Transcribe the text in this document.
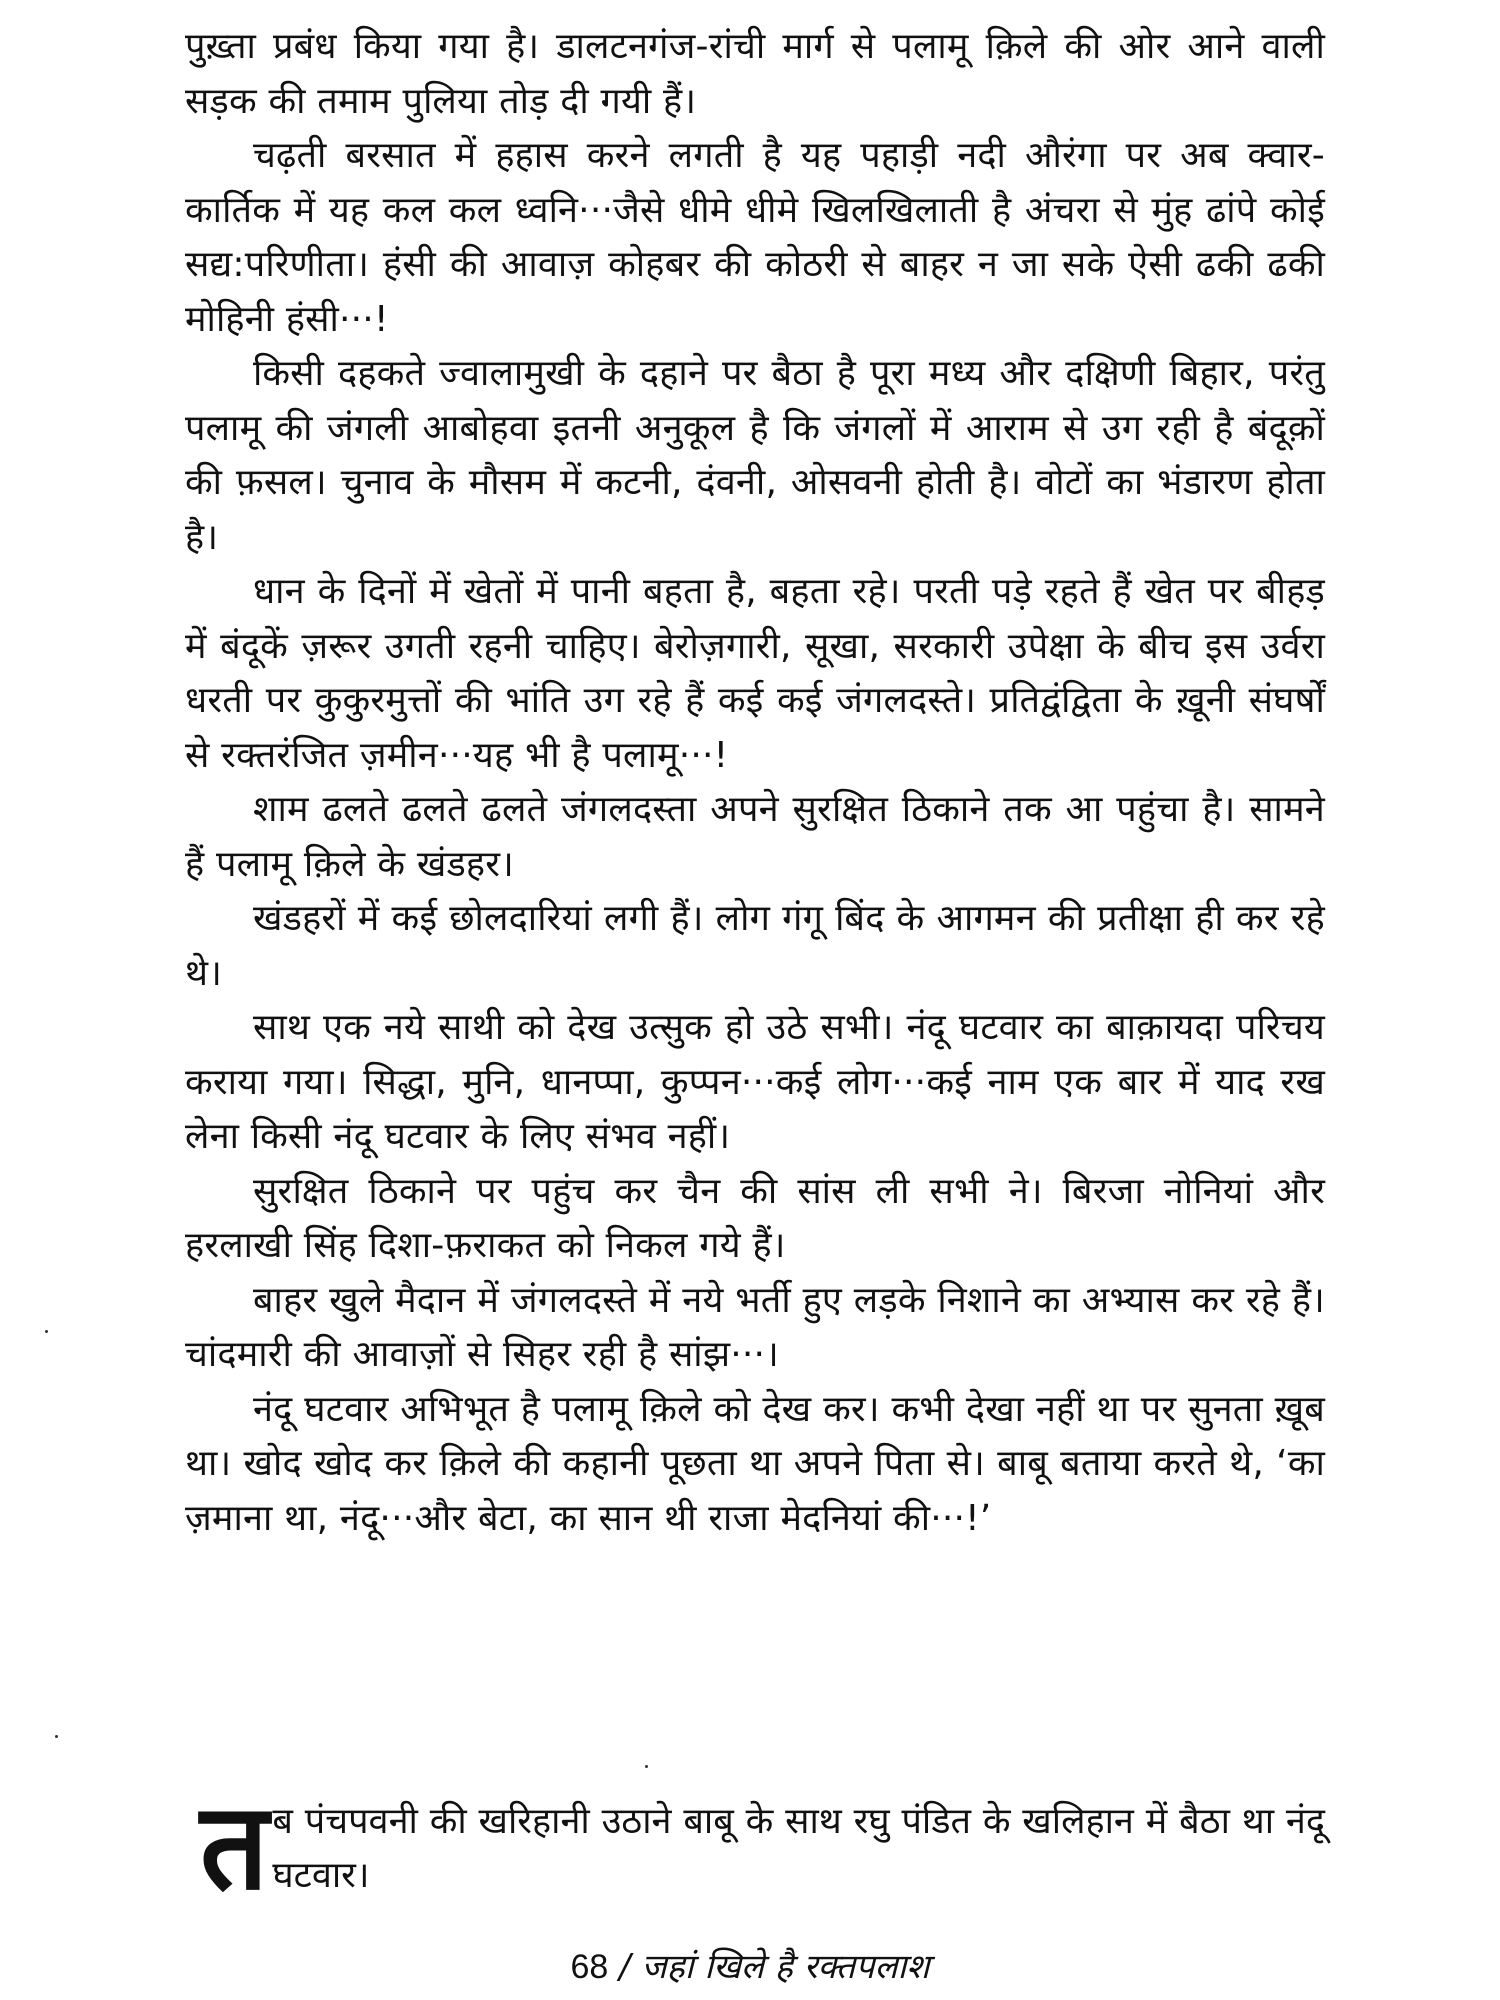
पुख़्ता प्रबंध किया गया है। डालटनगंज-रांची मार्ग से पलामू क़िले की ओर आने वाली सड़क की तमाम पुलिया तोड़ दी गयी हैं।

चढ़ती बरसात में हहास करने लगती है यह पहाड़ी नदी औरंगा पर अब क्वार-कार्तिक में यह कल कल ध्वनि···जैसे धीमे धीमे खिलखिलाती है अंचरा से मुंह ढांपे कोई सद्य:परिणीता। हंसी की आवाज़ कोहबर की कोठरी से बाहर न जा सके ऐसी ढकी ढकी मोहिनी हंसी···!

किसी दहकते ज्वालामुखी के दहाने पर बैठा है पूरा मध्य और दक्षिणी बिहार, परंतु पलामू की जंगली आबोहवा इतनी अनुकूल है कि जंगलों में आराम से उग रही है बंदूक़ों की फ़सल। चुनाव के मौसम में कटनी, दंवनी, ओसवनी होती है। वोटों का भंडारण होता है।

धान के दिनों में खेतों में पानी बहता है, बहता रहे। परती पड़े रहते हैं खेत पर बीहड़ में बंदूकें ज़रूर उगती रहनी चाहिए। बेरोज़गारी, सूखा, सरकारी उपेक्षा के बीच इस उर्वरा धरती पर कुकुरमुत्तों की भांति उग रहे हैं कई कई जंगलदस्ते। प्रतिद्वंद्विता के ख़ूनी संघर्षों से रक्तरंजित ज़मीन···यह भी है पलामू···!

शाम ढलते ढलते ढलते जंगलदस्ता अपने सुरक्षित ठिकाने तक आ पहुंचा है। सामने हैं पलामू क़िले के खंडहर।

खंडहरों में कई छोलदारियां लगी हैं। लोग गंगू बिंद के आगमन की प्रतीक्षा ही कर रहे थे।

साथ एक नये साथी को देख उत्सुक हो उठे सभी। नंदू घटवार का बाक़ायदा परिचय कराया गया। सिद्धा, मुनि, धानप्पा, कुप्पन···कई लोग···कई नाम एक बार में याद रख लेना किसी नंदू घटवार के लिए संभव नहीं।

सुरक्षित ठिकाने पर पहुंच कर चैन की सांस ली सभी ने। बिरजा नोनियां और हरलाखी सिंह दिशा-फ़राकत को निकल गये हैं।

बाहर खुले मैदान में जंगलदस्ते में नये भर्ती हुए लड़के निशाने का अभ्यास कर रहे हैं। चांदमारी की आवाज़ों से सिहर रही है सांझ···।

नंदू घटवार अभिभूत है पलामू क़िले को देख कर। कभी देखा नहीं था पर सुनता ख़ूब था। खोद खोद कर क़िले की कहानी पूछता था अपने पिता से। बाबू बताया करते थे, ‘का ज़माना था, नंदू···और बेटा, का सान थी राजा मेदनियां की···!’

त ब पंचपवनी की खरिहानी उठाने बाबू के साथ रघु पंडित के खलिहान में बैठा था नंदू घटवार।

68 / जहां खिले है रक्तपलाश
